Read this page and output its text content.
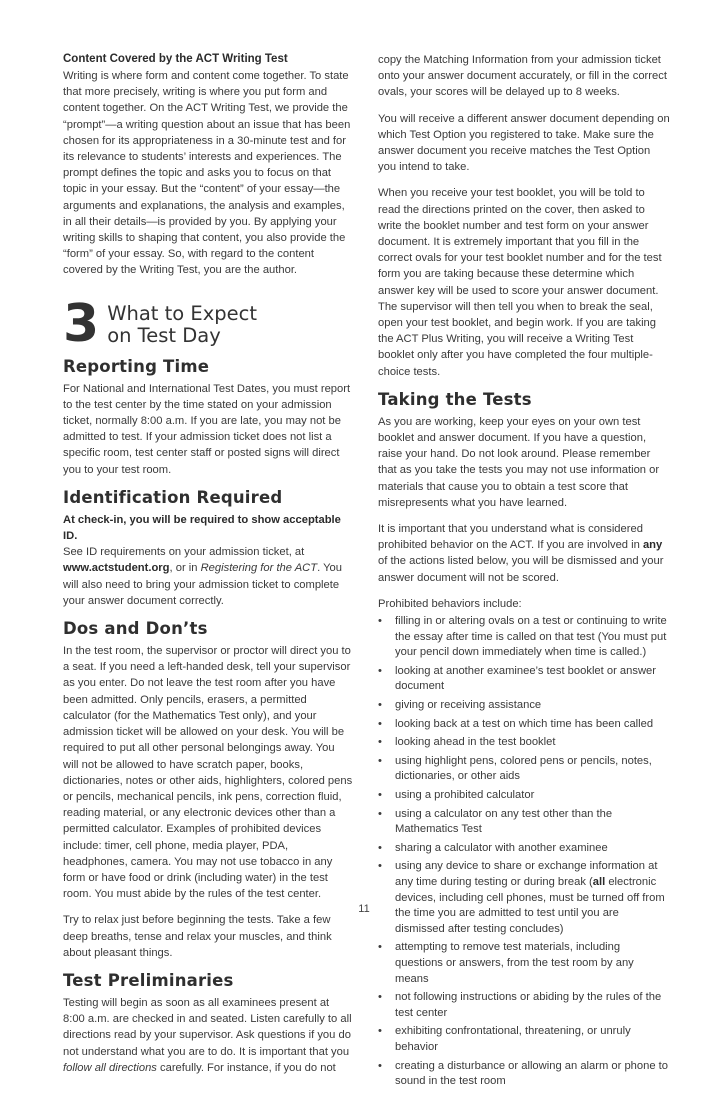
Content Covered by the ACT Writing Test

Writing is where form and content come together. To state that more precisely, writing is where you put form and content together. On the ACT Writing Test, we provide the “prompt”—a writing question about an issue that has been chosen for its appropriateness in a 30-minute test and for its relevance to students’ interests and experiences. The prompt defines the topic and asks you to focus on that topic in your essay. But the “content” of your essay—the arguments and explanations, the analysis and examples, in all their details—is provided by you. By applying your writing skills to shaping that content, you also provide the “form” of your essay. So, with regard to the content covered by the Writing Test, you are the author.

3 What to Expect
on Test Day
Reporting Time

For National and International Test Dates, you must report to the test center by the time stated on your admission ticket, normally 8:00 a.m. If you are late, you may not be admitted to test. If your admission ticket does not list a specific room, test center staff or posted signs will direct you to your test room.

Identification Required

At check-in, you will be required to show acceptable ID.
See ID requirements on your admission ticket, at
www.actstudent.org, or in Registering for the ACT. You will also need to bring your admission ticket to complete your answer document correctly.

Dos and Don’ts

In the test room, the supervisor or proctor will direct you to a seat. If you need a left-handed desk, tell your supervisor as you enter. Do not leave the test room after you have been admitted. Only pencils, erasers, a permitted calculator (for the Mathematics Test only), and your admission ticket will be allowed on your desk. You will be required to put all other personal belongings away. You will not be allowed to have scratch paper, books, dictionaries, notes or other aids, highlighters, colored pens or pencils, mechanical pencils, ink pens, correction fluid, reading material, or any electronic devices other than a permitted calculator. Examples of prohibited devices include: timer, cell phone, media player, PDA, headphones, camera. You may not use tobacco in any form or have food or drink (including water) in the test room. You must abide by the rules of the test center.

Try to relax just before beginning the tests. Take a few deep breaths, tense and relax your muscles, and think about pleasant things.

Test Preliminaries

Testing will begin as soon as all examinees present at 8:00 a.m. are checked in and seated. Listen carefully to all directions read by your supervisor. Ask questions if you do not understand what you are to do. It is important that you follow all directions carefully. For instance, if you do not

copy the Matching Information from your admission ticket onto your answer document accurately, or fill in the correct ovals, your scores will be delayed up to 8 weeks.

You will receive a different answer document depending on which Test Option you registered to take. Make sure the answer document you receive matches the Test Option you intend to take.

When you receive your test booklet, you will be told to read the directions printed on the cover, then asked to write the booklet number and test form on your answer document. It is extremely important that you fill in the correct ovals for your test booklet number and for the test form you are taking because these determine which answer key will be used to score your answer document. The supervisor will then tell you when to break the seal, open your test booklet, and begin work. If you are taking the ACT Plus Writing, you will receive a Writing Test booklet only after you have completed the four multiple-choice tests.

Taking the Tests

As you are working, keep your eyes on your own test booklet and answer document. If you have a question, raise your hand. Do not look around. Please remember that as you take the tests you may not use information or materials that cause you to obtain a test score that misrepresents what you have learned.

It is important that you understand what is considered prohibited behavior on the ACT. If you are involved in any of the actions listed below, you will be dismissed and your answer document will not be scored.

Prohibited behaviors include:

• filling in or altering ovals on a test or continuing to write the essay after time is called on that test (You must put your pencil down immediately when time is called.)
• looking at another examinee’s test booklet or answer document
• giving or receiving assistance
• looking back at a test on which time has been called
• looking ahead in the test booklet
• using highlight pens, colored pens or pencils, notes, dictionaries, or other aids
• using a prohibited calculator
• using a calculator on any test other than the Mathematics Test
• sharing a calculator with another examinee
• using any device to share or exchange information at any time during testing or during break (all electronic devices, including cell phones, must be turned off from the time you are admitted to test until you are dismissed after testing concludes)
• attempting to remove test materials, including questions or answers, from the test room by any means
• not following instructions or abiding by the rules of the test center
• exhibiting confrontational, threatening, or unruly behavior
• creating a disturbance or allowing an alarm or phone to sound in the test room
11
